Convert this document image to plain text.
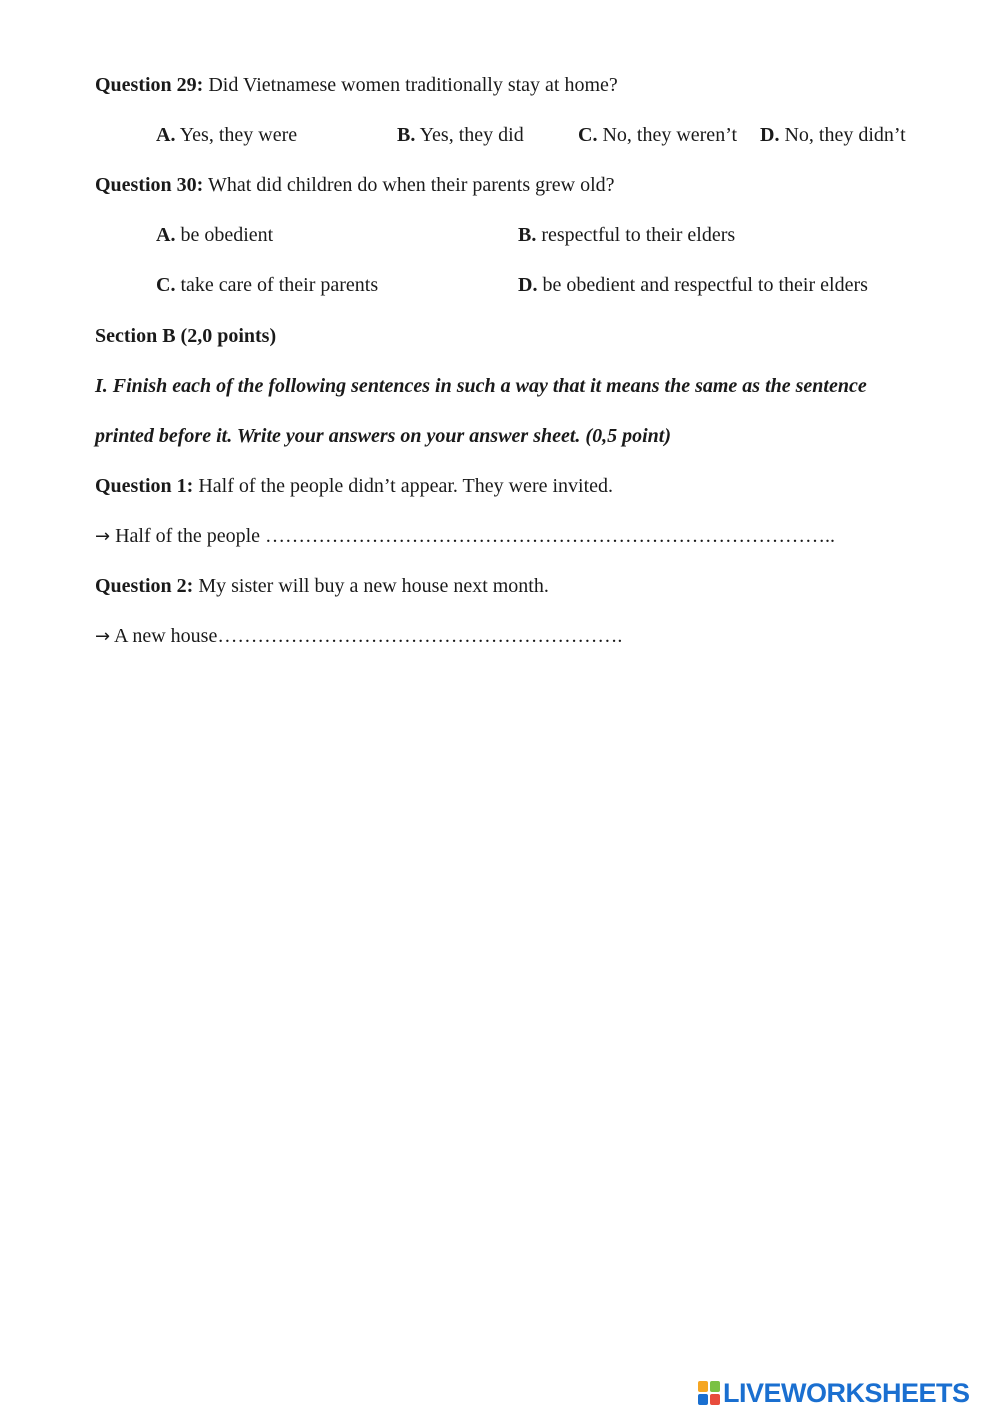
Question 29: Did Vietnamese women traditionally stay at home?
A. Yes, they were	B. Yes, they did	C. No, they weren’t D. No, they didn’t
Question 30: What did children do when their parents grew old?
A. be obedient	B. respectful to their elders
C. take care of their parents	D. be obedient and respectful to their elders
Section B (2,0 points)
I. Finish each of the following sentences in such a way that it means the same as the sentence
printed before it. Write your answers on your answer sheet. (0,5 point)
Question 1: Half of the people didn’t appear. They were invited.
→ Half of the people …………………………………………………………………………..
Question 2: My sister will buy a new house next month.
→ A new house…………………………………………………….
LIVEWORKSHEETS
